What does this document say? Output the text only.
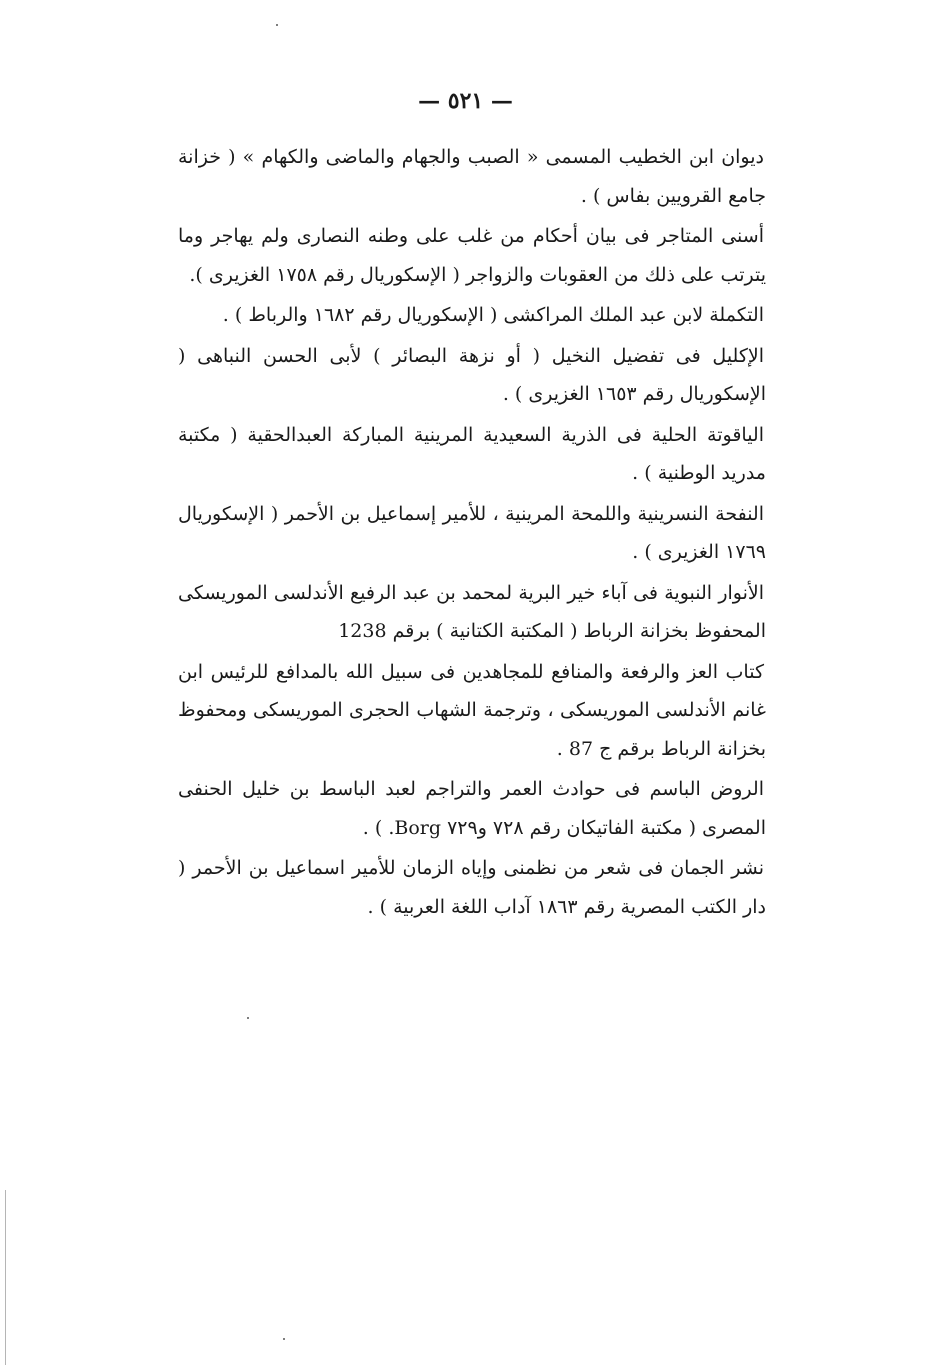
— ٥٢١ —

ديوان ابن الخطيب المسمى « الصبب والجهام والماضى والكهام » ( خزانة جامع القرويين بفاس ) .

أسنى المتاجر فى بيان أحكام من غلب على وطنه النصارى ولم يهاجر وما يترتب على ذلك من العقوبات والزواجر ( الإسكوريال رقم ١٧٥٨ الغزيرى ).

التكملة لابن عبد الملك المراكشى ( الإسكوريال رقم ١٦٨٢ والرباط ) .

الإكليل فى تفضيل النخيل ( أو نزهة البصائر ) لأبى الحسن النباهى ( الإسكوريال رقم ١٦٥٣ الغزيرى ) .

الياقوتة الحلية فى الذرية السعيدية المرينية المباركة العبدالحقية ( مكتبة مدريد الوطنية ) .

النفحة النسرينية واللمحة المرينية ، للأمير إسماعيل بن الأحمر ( الإسكوريال ١٧٦٩ الغزيرى ) .

الأنوار النبوية فى آباء خير البرية لمحمد بن عبد الرفيع الأندلسى الموريسكى المحفوظ بخزانة الرباط ( المكتبة الكتانية ) برقم 1238

كتاب العز والرفعة والمنافع للمجاهدين فى سبيل الله بالمدافع للرئيس ابن غانم الأندلسى الموريسكى ، وترجمة الشهاب الحجرى الموريسكى ومحفوظ بخزانة الرباط برقم ج 87 .

الروض الباسم فى حوادث العمر والتراجم لعبد الباسط بن خليل الحنفى المصرى ( مكتبة الفاتيكان رقم ٧٢٨ و٧٢٩ Borg. ) .

نشر الجمان فى شعر من نظمنى وإياه الزمان للأمير اسماعيل بن الأحمر ( دار الكتب المصرية رقم ١٨٦٣ آداب اللغة العربية ) .
